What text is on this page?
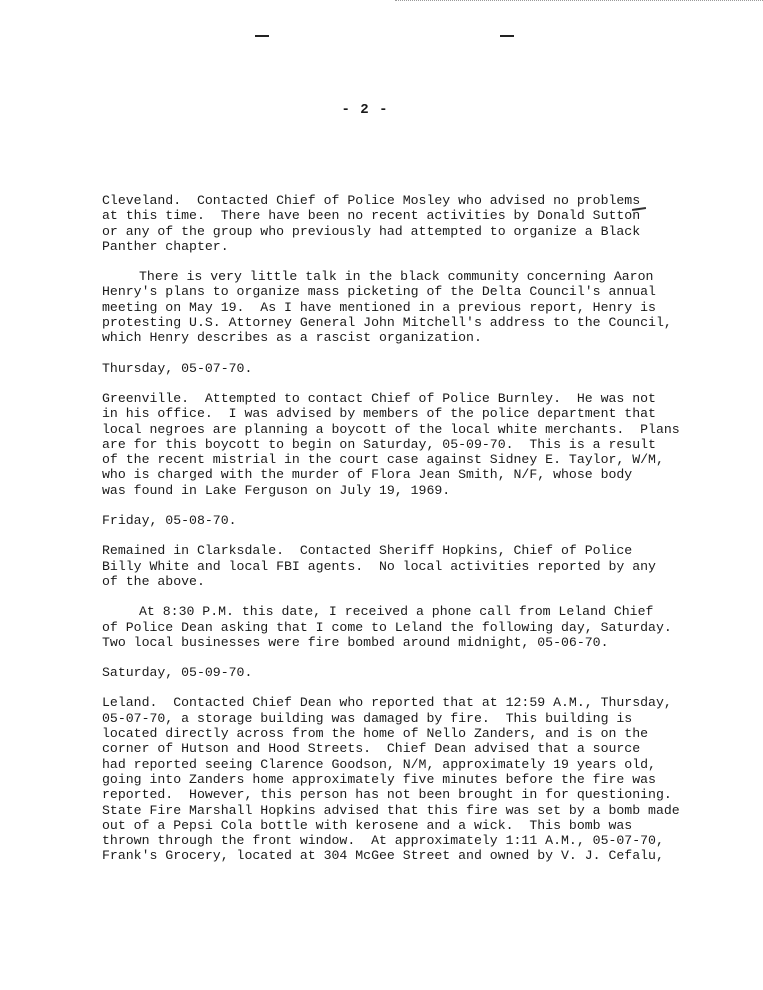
- 2 -
Cleveland.  Contacted Chief of Police Mosley who advised no problems
at this time.  There have been no recent activities by Donald Sutton
or any of the group who previously had attempted to organize a Black
Panther chapter.
There is very little talk in the black community concerning Aaron
Henry's plans to organize mass picketing of the Delta Council's annual
meeting on May 19.  As I have mentioned in a previous report, Henry is
protesting U.S. Attorney General John Mitchell's address to the Council,
which Henry describes as a rascist organization.
Thursday, 05-07-70.
Greenville.  Attempted to contact Chief of Police Burnley.  He was not
in his office.  I was advised by members of the police department that
local negroes are planning a boycott of the local white merchants.  Plans
are for this boycott to begin on Saturday, 05-09-70.  This is a result
of the recent mistrial in the court case against Sidney E. Taylor, W/M,
who is charged with the murder of Flora Jean Smith, N/F, whose body
was found in Lake Ferguson on July 19, 1969.
Friday, 05-08-70.
Remained in Clarksdale.  Contacted Sheriff Hopkins, Chief of Police
Billy White and local FBI agents.  No local activities reported by any
of the above.
At 8:30 P.M. this date, I received a phone call from Leland Chief
of Police Dean asking that I come to Leland the following day, Saturday.
Two local businesses were fire bombed around midnight, 05-06-70.
Saturday, 05-09-70.
Leland.  Contacted Chief Dean who reported that at 12:59 A.M., Thursday,
05-07-70, a storage building was damaged by fire.  This building is
located directly across from the home of Nello Zanders, and is on the
corner of Hutson and Hood Streets.  Chief Dean advised that a source
had reported seeing Clarence Goodson, N/M, approximately 19 years old,
going into Zanders home approximately five minutes before the fire was
reported.  However, this person has not been brought in for questioning.
State Fire Marshall Hopkins advised that this fire was set by a bomb made
out of a Pepsi Cola bottle with kerosene and a wick.  This bomb was
thrown through the front window.  At approximately 1:11 A.M., 05-07-70,
Frank's Grocery, located at 304 McGee Street and owned by V. J. Cefalu,
